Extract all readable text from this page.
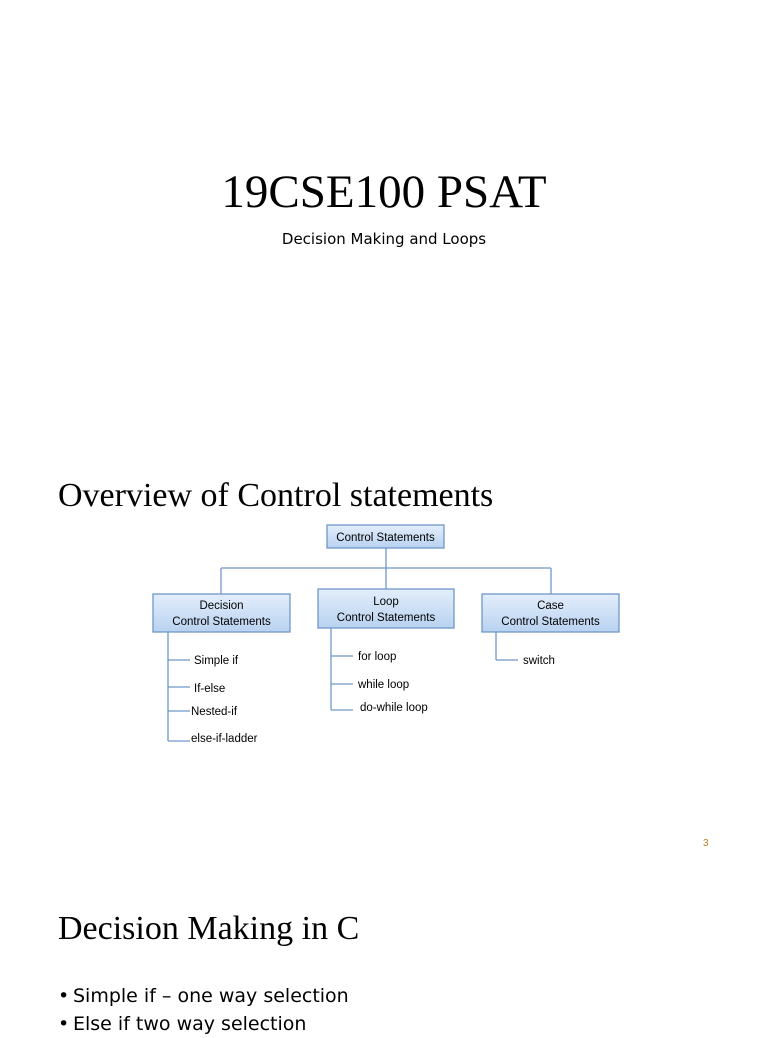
19CSE100 PSAT
Decision Making and Loops
Overview of Control statements
Control Statements
Decision
Control Statements
Loop
Control Statements
Case
Control Statements
Simple if
If-else
Nested-if
else-if-ladder
for loop
while loop
do-while loop
switch
3
Decision Making in C
• Simple if – one way selection
• Else if two way selection
